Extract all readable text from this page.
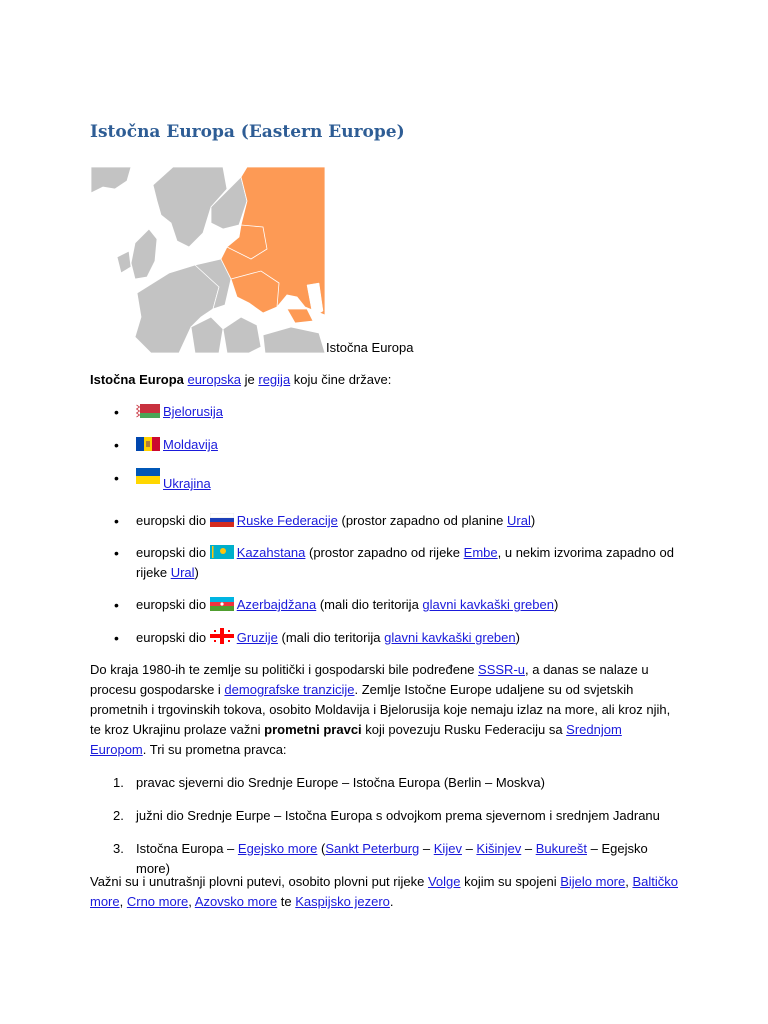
Istočna Europa (Eastern Europe)
Istočna Europa
Istočna Europa europska je regija koju čine države:
• Bjelorusija
• Moldavija
• Ukrajina
• europski dio Ruske Federacije (prostor zapadno od planine Ural)
• europski dio Kazahstana (prostor zapadno od rijeke Embe, u nekim izvorima zapadno od rijeke Ural)
• europski dio Azerbajdžana (mali dio teritorija glavni kavkaški greben)
• europski dio Gruzije (mali dio teritorija glavni kavkaški greben)
Do kraja 1980-ih te zemlje su politički i gospodarski bile podređene SSSR-u, a danas se nalaze u procesu gospodarske i demografske tranzicije. Zemlje Istočne Europe udaljene su od svjetskih prometnih i trgovinskih tokova, osobito Moldavija i Bjelorusija koje nemaju izlaz na more, ali kroz njih, te kroz Ukrajinu prolaze važni prometni pravci koji povezuju Rusku Federaciju sa Srednjom Europom. Tri su prometna pravca:
1. pravac sjeverni dio Srednje Europe – Istočna Europa (Berlin – Moskva)
2. južni dio Srednje Eurpe – Istočna Europa s odvojkom prema sjevernom i srednjem Jadranu
3. Istočna Europa – Egejsko more (Sankt Peterburg – Kijev – Kišinjev – Bukurešt – Egejsko more)
Važni su i unutrašnji plovni putevi, osobito plovni put rijeke Volge kojim su spojeni Bijelo more, Baltičko more, Crno more, Azovsko more te Kaspijsko jezero.
